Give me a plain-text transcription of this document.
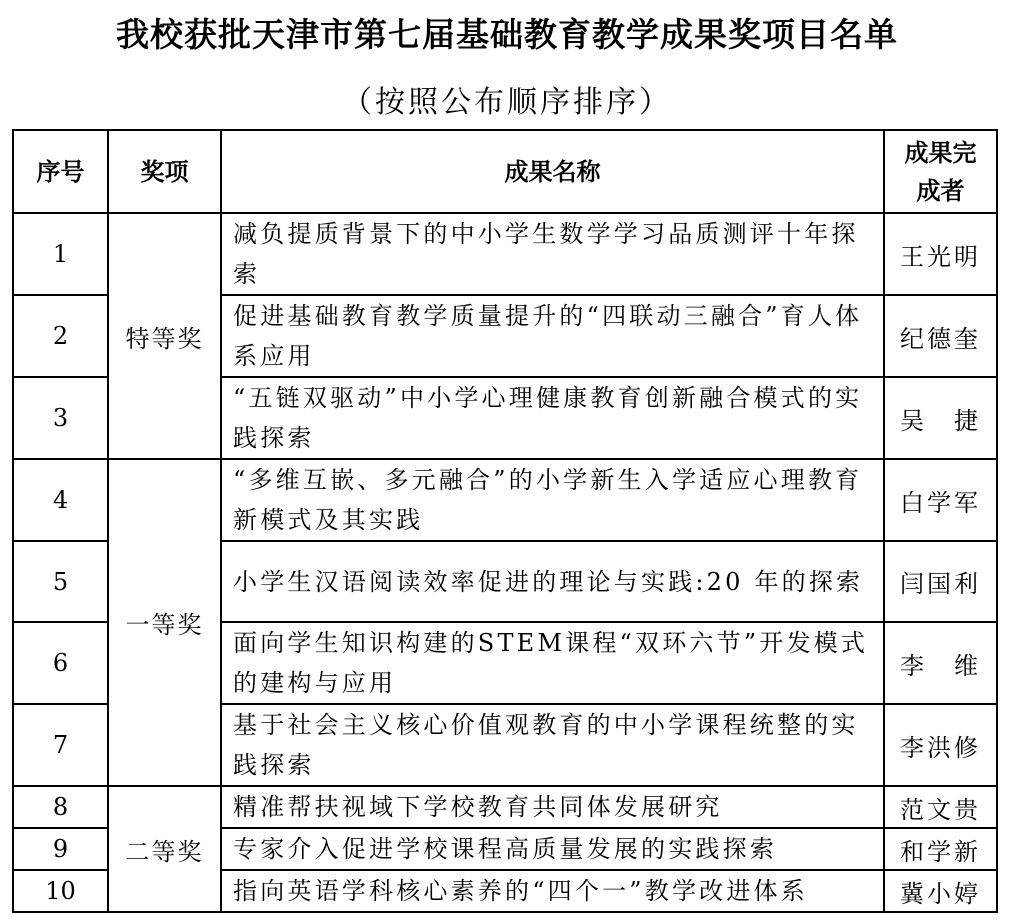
我校获批天津市第七届基础教育教学成果奖项目名单
（按照公布顺序排序）
序号	奖项	成果名称	成果完成者
1	特等奖	减负提质背景下的中小学生数学学习品质测评十年探索	王光明
2		促进基础教育教学质量提升的“四联动三融合”育人体系应用	纪德奎
3		“五链双驱动”中小学心理健康教育创新融合模式的实践探索	吴　捷
4	一等奖	“多维互嵌、多元融合”的小学新生入学适应心理教育新模式及其实践	白学军
5		小学生汉语阅读效率促进的理论与实践:20 年的探索	闫国利
6		面向学生知识构建的STEM课程“双环六节”开发模式的建构与应用	李　维
7		基于社会主义核心价值观教育的中小学课程统整的实践探索	李洪修
8	二等奖	精准帮扶视域下学校教育共同体发展研究	范文贵
9		专家介入促进学校课程高质量发展的实践探索	和学新
10		指向英语学科核心素养的“四个一”教学改进体系	冀小婷
